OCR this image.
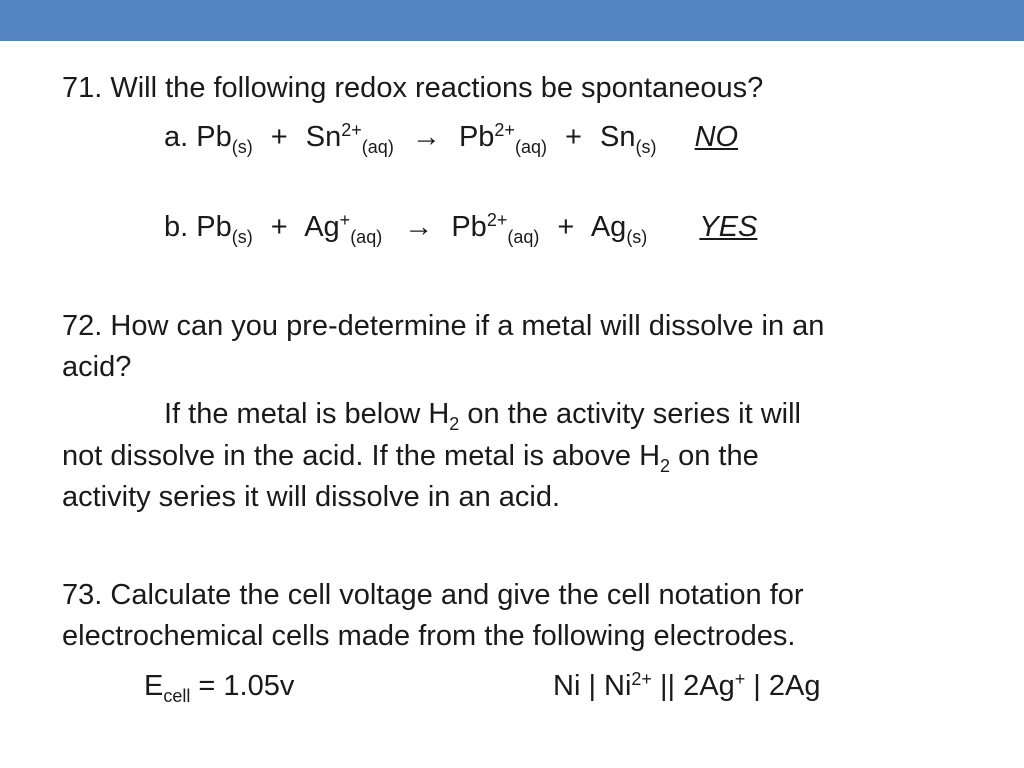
71. Will the following redox reactions be spontaneous?
a. $Pb_{(s)} + Sn^{2+}_{(aq)} \to Pb^{2+}_{(aq)} + Sn_{(s)}$ NO
b. $Pb_{(s)} + Ag^+_{(aq)} \to Pb^{2+}_{(aq)} + Ag_{(s)}$ YES
72. How can you pre-determine if a metal will dissolve in an
acid?
If the metal is below $H_2$ on the activity series it will
not dissolve in the acid. If the metal is above $H_2$ on the
activity series it will dissolve in an acid.
73. Calculate the cell voltage and give the cell notation for
electrochemical cells made from the following electrodes.
$E_{cell} = 1.05v$	Ni | $Ni^{2+}$ || 2Ag+ | 2Ag
